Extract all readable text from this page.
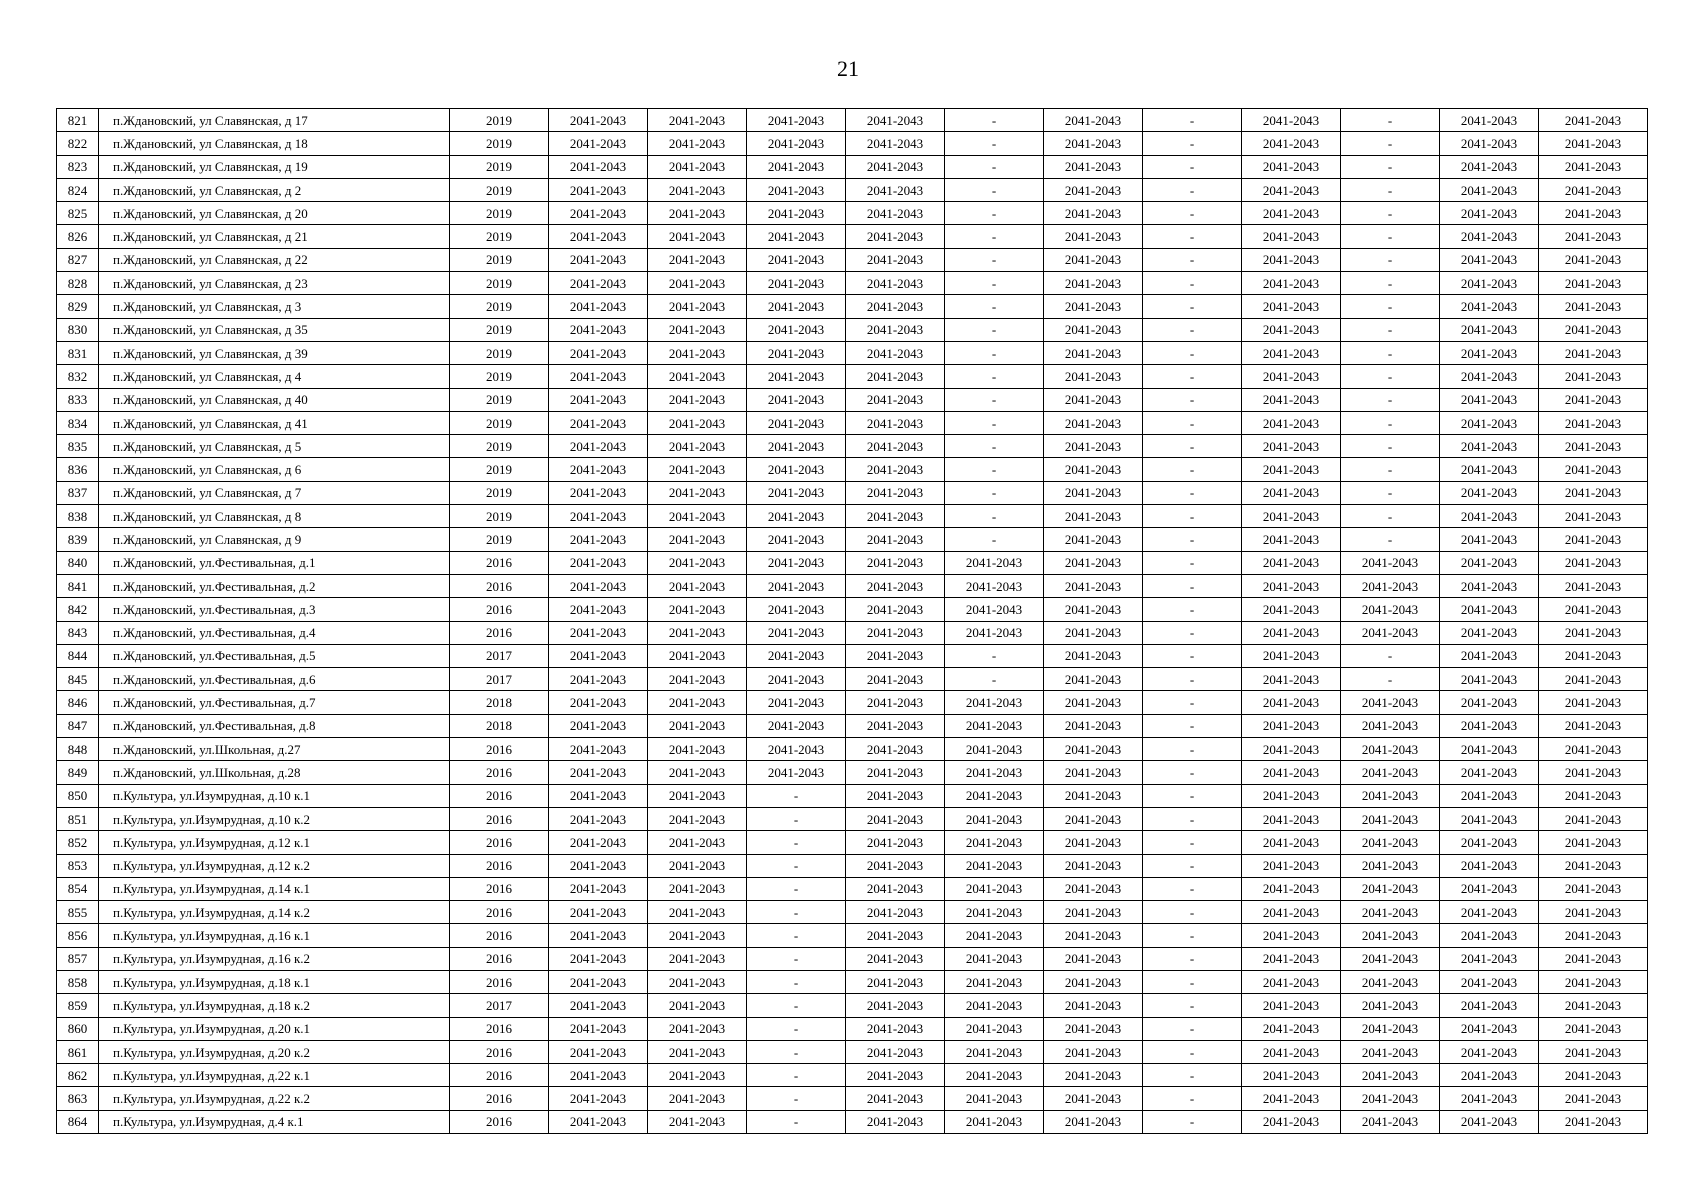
21
821	п.Ждановский, ул Славянская, д 17	2019	2041-2043	2041-2043	2041-2043	2041-2043	-	2041-2043	-	2041-2043	-	2041-2043	2041-2043
822	п.Ждановский, ул Славянская, д 18	2019	2041-2043	2041-2043	2041-2043	2041-2043	-	2041-2043	-	2041-2043	-	2041-2043	2041-2043
823	п.Ждановский, ул Славянская, д 19	2019	2041-2043	2041-2043	2041-2043	2041-2043	-	2041-2043	-	2041-2043	-	2041-2043	2041-2043
824	п.Ждановский, ул Славянская, д 2	2019	2041-2043	2041-2043	2041-2043	2041-2043	-	2041-2043	-	2041-2043	-	2041-2043	2041-2043
825	п.Ждановский, ул Славянская, д 20	2019	2041-2043	2041-2043	2041-2043	2041-2043	-	2041-2043	-	2041-2043	-	2041-2043	2041-2043
826	п.Ждановский, ул Славянская, д 21	2019	2041-2043	2041-2043	2041-2043	2041-2043	-	2041-2043	-	2041-2043	-	2041-2043	2041-2043
827	п.Ждановский, ул Славянская, д 22	2019	2041-2043	2041-2043	2041-2043	2041-2043	-	2041-2043	-	2041-2043	-	2041-2043	2041-2043
828	п.Ждановский, ул Славянская, д 23	2019	2041-2043	2041-2043	2041-2043	2041-2043	-	2041-2043	-	2041-2043	-	2041-2043	2041-2043
829	п.Ждановский, ул Славянская, д 3	2019	2041-2043	2041-2043	2041-2043	2041-2043	-	2041-2043	-	2041-2043	-	2041-2043	2041-2043
830	п.Ждановский, ул Славянская, д 35	2019	2041-2043	2041-2043	2041-2043	2041-2043	-	2041-2043	-	2041-2043	-	2041-2043	2041-2043
831	п.Ждановский, ул Славянская, д 39	2019	2041-2043	2041-2043	2041-2043	2041-2043	-	2041-2043	-	2041-2043	-	2041-2043	2041-2043
832	п.Ждановский, ул Славянская, д 4	2019	2041-2043	2041-2043	2041-2043	2041-2043	-	2041-2043	-	2041-2043	-	2041-2043	2041-2043
833	п.Ждановский, ул Славянская, д 40	2019	2041-2043	2041-2043	2041-2043	2041-2043	-	2041-2043	-	2041-2043	-	2041-2043	2041-2043
834	п.Ждановский, ул Славянская, д 41	2019	2041-2043	2041-2043	2041-2043	2041-2043	-	2041-2043	-	2041-2043	-	2041-2043	2041-2043
835	п.Ждановский, ул Славянская, д 5	2019	2041-2043	2041-2043	2041-2043	2041-2043	-	2041-2043	-	2041-2043	-	2041-2043	2041-2043
836	п.Ждановский, ул Славянская, д 6	2019	2041-2043	2041-2043	2041-2043	2041-2043	-	2041-2043	-	2041-2043	-	2041-2043	2041-2043
837	п.Ждановский, ул Славянская, д 7	2019	2041-2043	2041-2043	2041-2043	2041-2043	-	2041-2043	-	2041-2043	-	2041-2043	2041-2043
838	п.Ждановский, ул Славянская, д 8	2019	2041-2043	2041-2043	2041-2043	2041-2043	-	2041-2043	-	2041-2043	-	2041-2043	2041-2043
839	п.Ждановский, ул Славянская, д 9	2019	2041-2043	2041-2043	2041-2043	2041-2043	-	2041-2043	-	2041-2043	-	2041-2043	2041-2043
840	п.Ждановский, ул.Фестивальная, д.1	2016	2041-2043	2041-2043	2041-2043	2041-2043	2041-2043	2041-2043	-	2041-2043	2041-2043	2041-2043	2041-2043
841	п.Ждановский, ул.Фестивальная, д.2	2016	2041-2043	2041-2043	2041-2043	2041-2043	2041-2043	2041-2043	-	2041-2043	2041-2043	2041-2043	2041-2043
842	п.Ждановский, ул.Фестивальная, д.3	2016	2041-2043	2041-2043	2041-2043	2041-2043	2041-2043	2041-2043	-	2041-2043	2041-2043	2041-2043	2041-2043
843	п.Ждановский, ул.Фестивальная, д.4	2016	2041-2043	2041-2043	2041-2043	2041-2043	2041-2043	2041-2043	-	2041-2043	2041-2043	2041-2043	2041-2043
844	п.Ждановский, ул.Фестивальная, д.5	2017	2041-2043	2041-2043	2041-2043	2041-2043	-	2041-2043	-	2041-2043	-	2041-2043	2041-2043
845	п.Ждановский, ул.Фестивальная, д.6	2017	2041-2043	2041-2043	2041-2043	2041-2043	-	2041-2043	-	2041-2043	-	2041-2043	2041-2043
846	п.Ждановский, ул.Фестивальная, д.7	2018	2041-2043	2041-2043	2041-2043	2041-2043	2041-2043	2041-2043	-	2041-2043	2041-2043	2041-2043	2041-2043
847	п.Ждановский, ул.Фестивальная, д.8	2018	2041-2043	2041-2043	2041-2043	2041-2043	2041-2043	2041-2043	-	2041-2043	2041-2043	2041-2043	2041-2043
848	п.Ждановский, ул.Школьная, д.27	2016	2041-2043	2041-2043	2041-2043	2041-2043	2041-2043	2041-2043	-	2041-2043	2041-2043	2041-2043	2041-2043
849	п.Ждановский, ул.Школьная, д.28	2016	2041-2043	2041-2043	2041-2043	2041-2043	2041-2043	2041-2043	-	2041-2043	2041-2043	2041-2043	2041-2043
850	п.Культура, ул.Изумрудная, д.10 к.1	2016	2041-2043	2041-2043	-	2041-2043	2041-2043	2041-2043	-	2041-2043	2041-2043	2041-2043	2041-2043
851	п.Культура, ул.Изумрудная, д.10 к.2	2016	2041-2043	2041-2043	-	2041-2043	2041-2043	2041-2043	-	2041-2043	2041-2043	2041-2043	2041-2043
852	п.Культура, ул.Изумрудная, д.12 к.1	2016	2041-2043	2041-2043	-	2041-2043	2041-2043	2041-2043	-	2041-2043	2041-2043	2041-2043	2041-2043
853	п.Культура, ул.Изумрудная, д.12 к.2	2016	2041-2043	2041-2043	-	2041-2043	2041-2043	2041-2043	-	2041-2043	2041-2043	2041-2043	2041-2043
854	п.Культура, ул.Изумрудная, д.14 к.1	2016	2041-2043	2041-2043	-	2041-2043	2041-2043	2041-2043	-	2041-2043	2041-2043	2041-2043	2041-2043
855	п.Культура, ул.Изумрудная, д.14 к.2	2016	2041-2043	2041-2043	-	2041-2043	2041-2043	2041-2043	-	2041-2043	2041-2043	2041-2043	2041-2043
856	п.Культура, ул.Изумрудная, д.16 к.1	2016	2041-2043	2041-2043	-	2041-2043	2041-2043	2041-2043	-	2041-2043	2041-2043	2041-2043	2041-2043
857	п.Культура, ул.Изумрудная, д.16 к.2	2016	2041-2043	2041-2043	-	2041-2043	2041-2043	2041-2043	-	2041-2043	2041-2043	2041-2043	2041-2043
858	п.Культура, ул.Изумрудная, д.18 к.1	2016	2041-2043	2041-2043	-	2041-2043	2041-2043	2041-2043	-	2041-2043	2041-2043	2041-2043	2041-2043
859	п.Культура, ул.Изумрудная, д.18 к.2	2017	2041-2043	2041-2043	-	2041-2043	2041-2043	2041-2043	-	2041-2043	2041-2043	2041-2043	2041-2043
860	п.Культура, ул.Изумрудная, д.20 к.1	2016	2041-2043	2041-2043	-	2041-2043	2041-2043	2041-2043	-	2041-2043	2041-2043	2041-2043	2041-2043
861	п.Культура, ул.Изумрудная, д.20 к.2	2016	2041-2043	2041-2043	-	2041-2043	2041-2043	2041-2043	-	2041-2043	2041-2043	2041-2043	2041-2043
862	п.Культура, ул.Изумрудная, д.22 к.1	2016	2041-2043	2041-2043	-	2041-2043	2041-2043	2041-2043	-	2041-2043	2041-2043	2041-2043	2041-2043
863	п.Культура, ул.Изумрудная, д.22 к.2	2016	2041-2043	2041-2043	-	2041-2043	2041-2043	2041-2043	-	2041-2043	2041-2043	2041-2043	2041-2043
864	п.Культура, ул.Изумрудная, д.4 к.1	2016	2041-2043	2041-2043	-	2041-2043	2041-2043	2041-2043	-	2041-2043	2041-2043	2041-2043	2041-2043
